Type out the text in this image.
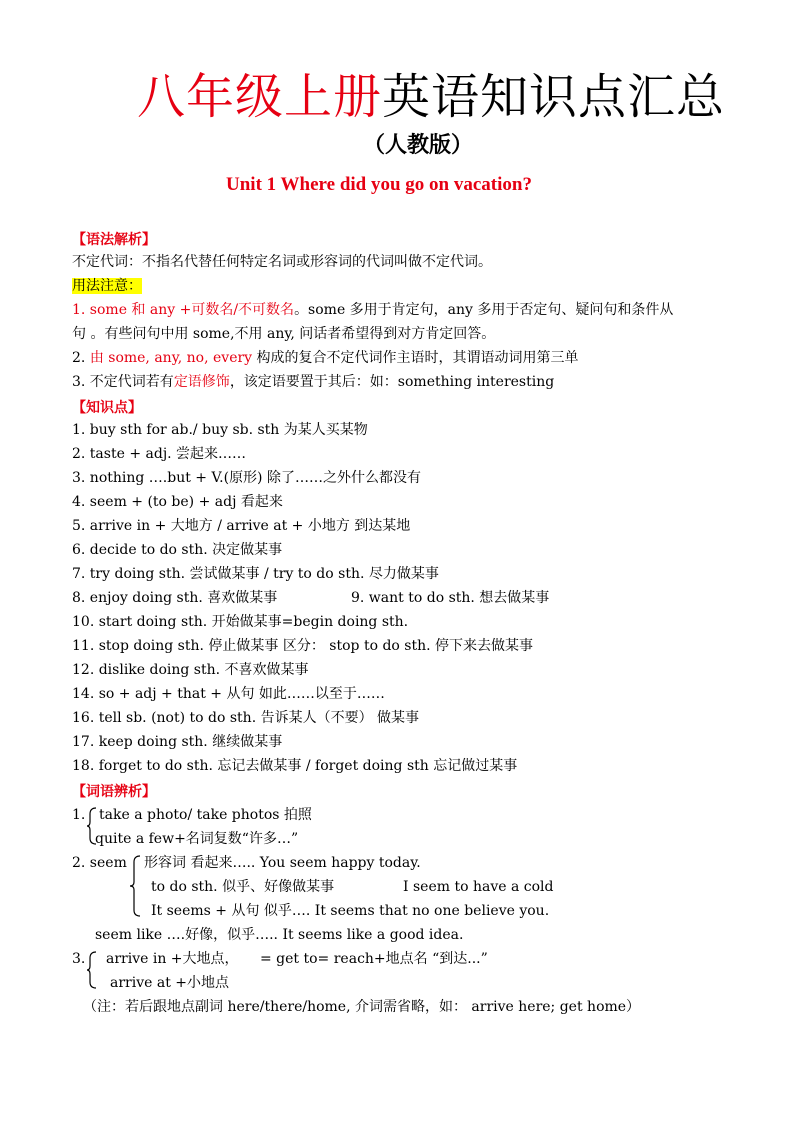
八年级上册英语知识点汇总
（人教版）
Unit 1 Where did you go on vacation?
【语法解析】
不定代词：不指名代替任何特定名词或形容词的代词叫做不定代词。
用法注意：
1. some 和 any +可数名/不可数名。some 多用于肯定句，any 多用于否定句、疑问句和条件从
句 。有些问句中用 some,不用 any, 问话者希望得到对方肯定回答。
2. 由 some, any, no, every 构成的复合不定代词作主语时，其谓语动词用第三单
3. 不定代词若有定语修饰，该定语要置于其后：如：something interesting
【知识点】
1. buy sth for ab./ buy sb. sth 为某人买某物
2. taste + adj. 尝起来……
3. nothing ….but + V.(原形) 除了……之外什么都没有
4. seem + (to be) + adj 看起来
5. arrive in + 大地方 / arrive at + 小地方 到达某地
6. decide to do sth. 决定做某事
7. try doing sth. 尝试做某事 / try to do sth. 尽力做某事
8. enjoy doing sth. 喜欢做某事	9. want to do sth. 想去做某事
10. start doing sth. 开始做某事=begin doing sth.
11. stop doing sth. 停止做某事 区分： stop to do sth. 停下来去做某事
12. dislike doing sth. 不喜欢做某事
14. so + adj + that + 从句 如此……以至于……
16. tell sb. (not) to do sth. 告诉某人（不要） 做某事
17. keep doing sth. 继续做某事
18. forget to do sth. 忘记去做某事 / forget doing sth 忘记做过某事
【词语辨析】
1. take a photo/ take photos 拍照
quite a few+名词复数“许多…”
2. seem 形容词 看起来….. You seem happy today.
to do sth. 似乎、好像做某事	I seem to have a cold
It seems + 从句 似乎…. It seems that no one believe you.
seem like ….好像，似乎….. It seems like a good idea.
3. arrive in +大地点， = get to= reach+地点名 “到达...”
arrive at +小地点
（注：若后跟地点副词 here/there/home, 介词需省略，如： arrive here; get home）
